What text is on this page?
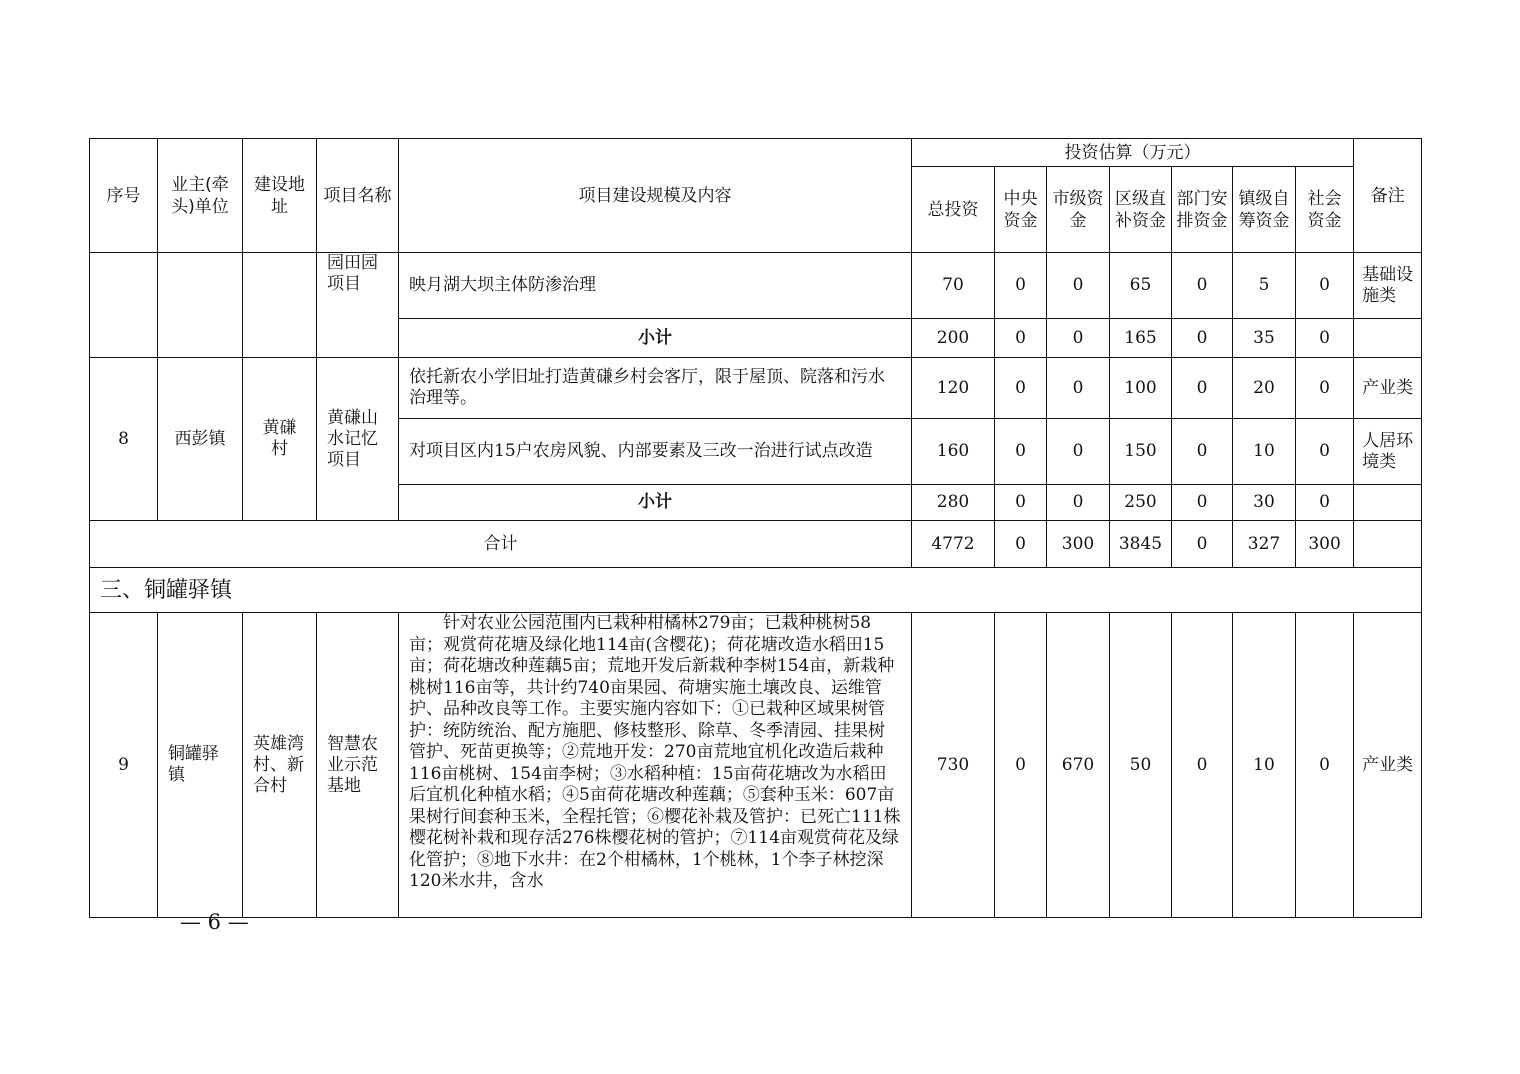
序号	业主(牵头)单位	建设地址	项目名称	项目建设规模及内容	投资估算（万元）							备注
					总投资	中央资金	市级资金	区级直补资金	部门安排资金	镇级自筹资金	社会资金	
			园田园项目	映月湖大坝主体防渗治理	70	0	0	65	0	5	0	基础设施类
				小计	200	0	0	165	0	35	0	
8	西彭镇	黄磏村	黄磏山水记忆项目	依托新农小学旧址打造黄磏乡村会客厅，限于屋顶、院落和污水治理等。	120	0	0	100	0	20	0	产业类
				对项目区内15户农房风貌、内部要素及三改一治进行试点改造	160	0	0	150	0	10	0	人居环境类
				小计	280	0	0	250	0	30	0	
合计					4772	0	300	3845	0	327	300	
三、铜罐驿镇												
9	铜罐驿镇	英雄湾村、新合村	智慧农业示范基地	针对农业公园范围内已栽种柑橘林279亩；已栽种桃树58亩；观赏荷花塘及绿化地114亩(含樱花)；荷花塘改造水稻田15亩；荷花塘改种莲藕5亩；荒地开发后新栽种李树154亩，新栽种桃树116亩等，共计约740亩果园、荷塘实施土壤改良、运维管护、品种改良等工作。主要实施内容如下：①已栽种区域果树管护：统防统治、配方施肥、修枝整形、除草、冬季清园、挂果树管护、死苗更换等；②荒地开发：270亩荒地宜机化改造后栽种116亩桃树、154亩李树；③水稻种植：15亩荷花塘改为水稻田后宜机化种植水稻；④5亩荷花塘改种莲藕；⑤套种玉米：607亩果树行间套种玉米，全程托管；⑥樱花补栽及管护：已死亡111株樱花树补栽和现存活276株樱花树的管护；⑦114亩观赏荷花及绿化管护；⑧地下水井：在2个柑橘林，1个桃林，1个李子林挖深120米水井，含水	730	0	670	50	0	10	0	产业类
— 6 —
